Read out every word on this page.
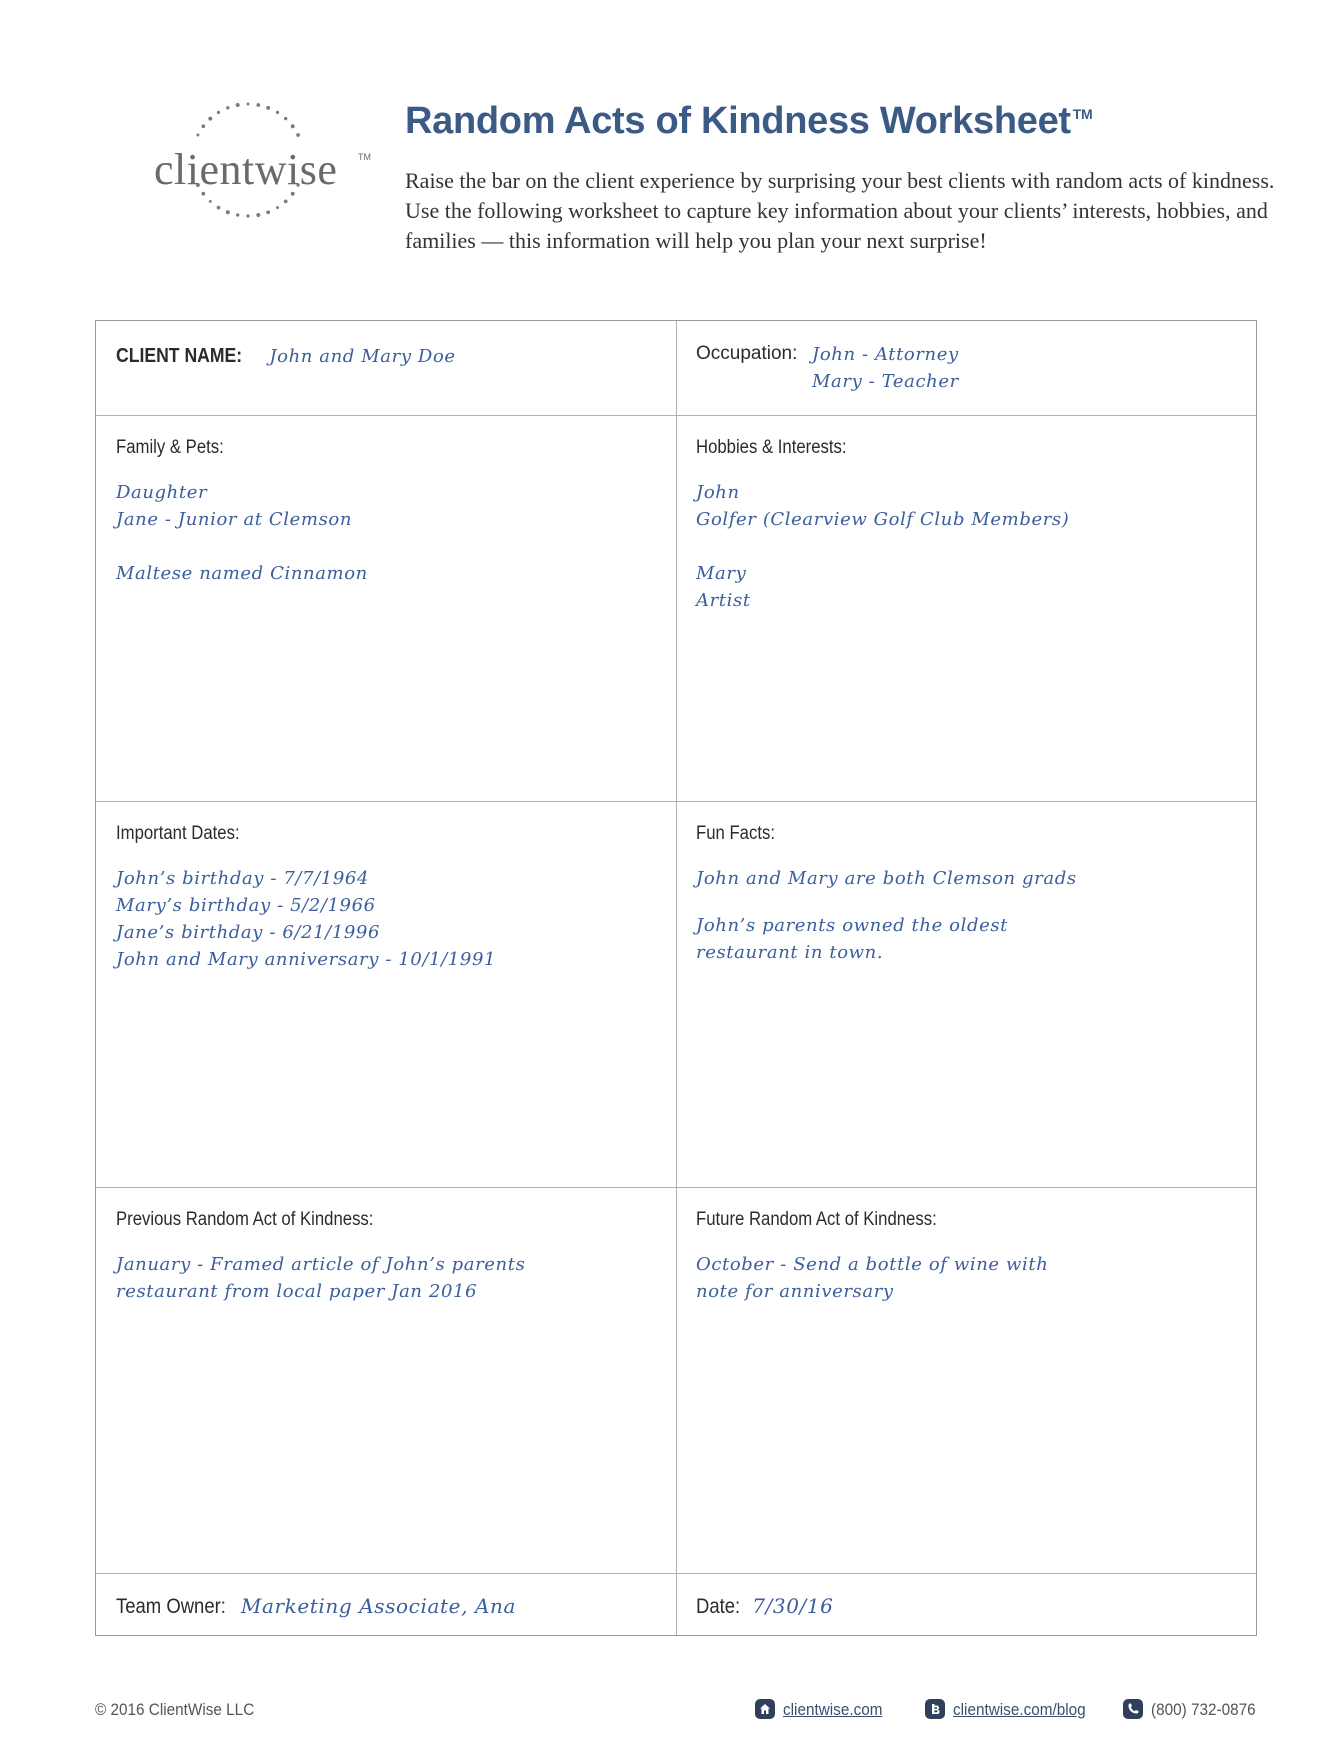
clientwise TM
Random Acts of Kindness Worksheet ™

Raise the bar on the client experience by surprising your best clients with random acts of kindness. Use the following worksheet to capture key information about your clients’ interests, hobbies, and families — this information will help you plan your next surprise!

CLIENT NAME: John and Mary Doe	Occupation: John - Attorney
Mary - Teacher
Family & Pets:
Daughter
Jane - Junior at Clemson
Maltese named Cinnamon
Hobbies & Interests:
John
Golfer (Clearview Golf Club Members)
Mary
Artist
Important Dates:
John’s birthday - 7/7/1964
Mary’s birthday - 5/2/1966
Jane’s birthday - 6/21/1996
John and Mary anniversary - 10/1/1991
Fun Facts:
John and Mary are both Clemson grads
John’s parents owned the oldest
restaurant in town.
Previous Random Act of Kindness:
January - Framed article of John’s parents
restaurant from local paper Jan 2016
Future Random Act of Kindness:
October - Send a bottle of wine with
note for anniversary
Team Owner: Marketing Associate, Ana	Date: 7/30/16
© 2016 ClientWise LLC	clientwise.com	clientwise.com/blog	(800) 732-0876
